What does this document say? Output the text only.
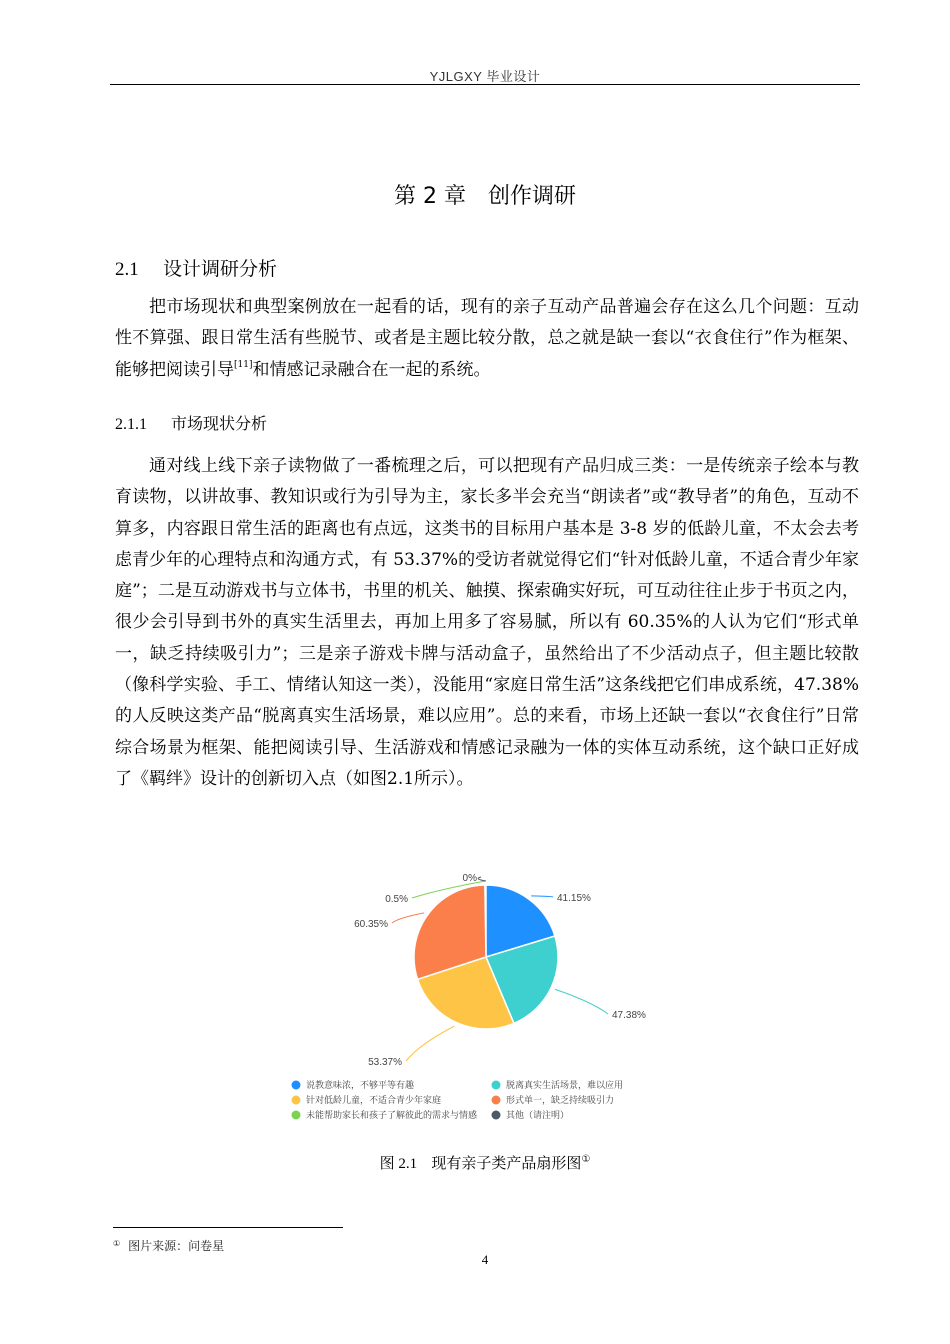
YJLGXY 毕业设计
第 2 章 创作调研
2.1 设计调研分析

把市场现状和典型案例放在一起看的话，现有的亲子互动产品普遍会存在这么几个问题：互动性不算强、跟日常生活有些脱节、或者是主题比较分散，总之就是缺一套以“衣食住行”作为框架、能够把阅读引导[11]和情感记录融合在一起的系统。

2.1.1 市场现状分析

通对线上线下亲子读物做了一番梳理之后，可以把现有产品归成三类：一是传统亲子绘本与教育读物，以讲故事、教知识或行为引导为主，家长多半会充当“朗读者”或“教导者”的角色，互动不算多，内容跟日常生活的距离也有点远，这类书的目标用户基本是 3-8 岁的低龄儿童，不太会去考虑青少年的心理特点和沟通方式，有 53.37%的受访者就觉得它们“针对低龄儿童，不适合青少年家庭”；二是互动游戏书与立体书，书里的机关、触摸、探索确实好玩，可互动往往止步于书页之内，很少会引导到书外的真实生活里去，再加上用多了容易腻，所以有 60.35%的人认为它们“形式单一，缺乏持续吸引力”；三是亲子游戏卡牌与活动盒子，虽然给出了不少活动点子，但主题比较散（像科学实验、手工、情绪认知这一类），没能用“家庭日常生活”这条线把它们串成系统，47.38%的人反映这类产品“脱离真实生活场景，难以应用”。总的来看，市场上还缺一套以“衣食住行”日常综合场景为框架、能把阅读引导、生活游戏和情感记录融为一体的实体互动系统，这个缺口正好成了《羁绊》设计的创新切入点（如图2.1所示）。

41.15%
47.38%
53.37%
60.35%
0.5%
0%
说教意味浓，不够平等有趣	脱离真实生活场景，难以应用
针对低龄儿童，不适合青少年家庭	形式单一，缺乏持续吸引力
未能帮助家长和孩子了解彼此的需求与情感	其他（请注明）
图 2.1 现有亲子类产品扇形图①
① 图片来源：问卷星
4
